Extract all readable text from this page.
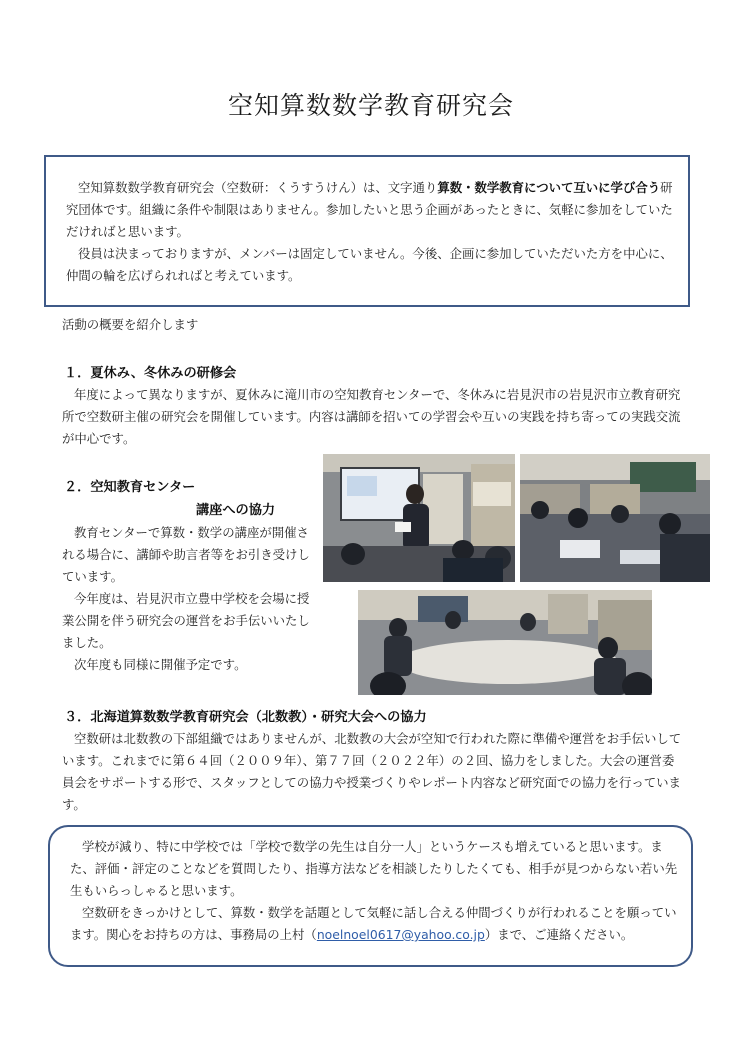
空知算数数学教育研究会
空知算数数学教育研究会（空数研：くうすうけん）は、文字通り算数・数学教育について互いに学び合う研究団体です。組織に条件や制限はありません。参加したいと思う企画があったときに、気軽に参加をしていただければと思います。
役員は決まっておりますが、メンバーは固定していません。今後、企画に参加していただいた方を中心に、仲間の輪を広げられればと考えています。
活動の概要を紹介します
１．夏休み、冬休みの研修会
年度によって異なりますが、夏休みに滝川市の空知教育センターで、冬休みに岩見沢市の岩見沢市立教育研究所で空数研主催の研究会を開催しています。内容は講師を招いての学習会や互いの実践を持ち寄っての実践交流が中心です。
２．空知教育センター
講座への協力
教育センターで算数・数学の講座が開催される場合に、講師や助言者等をお引き受けしています。
今年度は、岩見沢市立豊中学校を会場に授業公開を伴う研究会の運営をお手伝いいたしました。
次年度も同様に開催予定です。
３．北海道算数数学教育研究会（北数教）・研究大会への協力
空数研は北数教の下部組織ではありませんが、北数教の大会が空知で行われた際に準備や運営をお手伝いしています。これまでに第６４回（２００９年）、第７７回（２０２２年）の２回、協力をしました。大会の運営委員会をサポートする形で、スタッフとしての協力や授業づくりやレポート内容など研究面での協力を行っています。
学校が減り、特に中学校では「学校で数学の先生は自分一人」というケースも増えていると思います。また、評価・評定のことなどを質問したり、指導方法などを相談したりしたくても、相手が見つからない若い先生もいらっしゃると思います。
空数研をきっかけとして、算数・数学を話題として気軽に話し合える仲間づくりが行われることを願っています。関心をお持ちの方は、事務局の上村（noelnoel0617@yahoo.co.jp）まで、ご連絡ください。
